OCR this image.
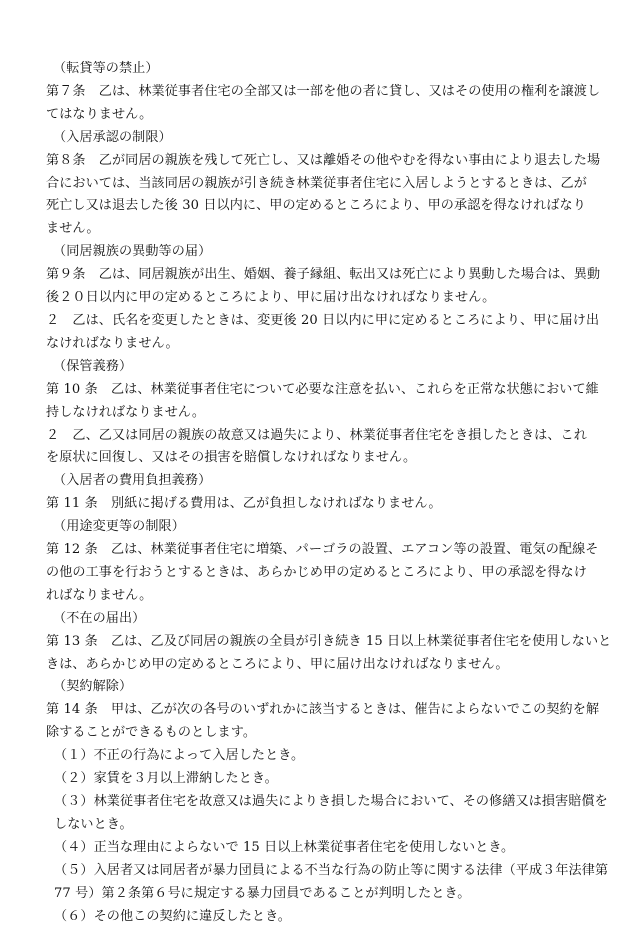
（転貸等の禁止）
第７条　乙は、林業従事者住宅の全部又は一部を他の者に貸し、又はその使用の権利を譲渡し
てはなりません。
（入居承認の制限）
第８条　乙が同居の親族を残して死亡し、又は離婚その他やむを得ない事由により退去した場
合においては、当該同居の親族が引き続き林業従事者住宅に入居しようとするときは、乙が
死亡し又は退去した後 30 日以内に、甲の定めるところにより、甲の承認を得なければなり
ません。
（同居親族の異動等の届）
第９条　乙は、同居親族が出生、婚姻、養子縁組、転出又は死亡により異動した場合は、異動
後２０日以内に甲の定めるところにより、甲に届け出なければなりません。
２　乙は、氏名を変更したときは、変更後 20 日以内に甲に定めるところにより、甲に届け出
なければなりません。
（保管義務）
第 10 条　乙は、林業従事者住宅について必要な注意を払い、これらを正常な状態において維
持しなければなりません。
２　乙、乙又は同居の親族の故意又は過失により、林業従事者住宅をき損したときは、これ
を原状に回復し、又はその損害を賠償しなければなりません。
（入居者の費用負担義務）
第 11 条　別紙に掲げる費用は、乙が負担しなければなりません。
（用途変更等の制限）
第 12 条　乙は、林業従事者住宅に増築、パーゴラの設置、エアコン等の設置、電気の配線そ
の他の工事を行おうとするときは、あらかじめ甲の定めるところにより、甲の承認を得なけ
ればなりません。
（不在の届出）
第 13 条　乙は、乙及び同居の親族の全員が引き続き 15 日以上林業従事者住宅を使用しないと
きは、あらかじめ甲の定めるところにより、甲に届け出なければなりません。
（契約解除）
第 14 条　甲は、乙が次の各号のいずれかに該当するときは、催告によらないでこの契約を解
除することができるものとします。
（１）不正の行為によって入居したとき。
（２）家賃を３月以上滞納したとき。
（３）林業従事者住宅を故意又は過失によりき損した場合において、その修繕又は損害賠償を
しないとき。
（４）正当な理由によらないで 15 日以上林業従事者住宅を使用しないとき。
（５）入居者又は同居者が暴力団員による不当な行為の防止等に関する法律（平成３年法律第
77 号）第２条第６号に規定する暴力団員であることが判明したとき。
（６）その他この契約に違反したとき。
